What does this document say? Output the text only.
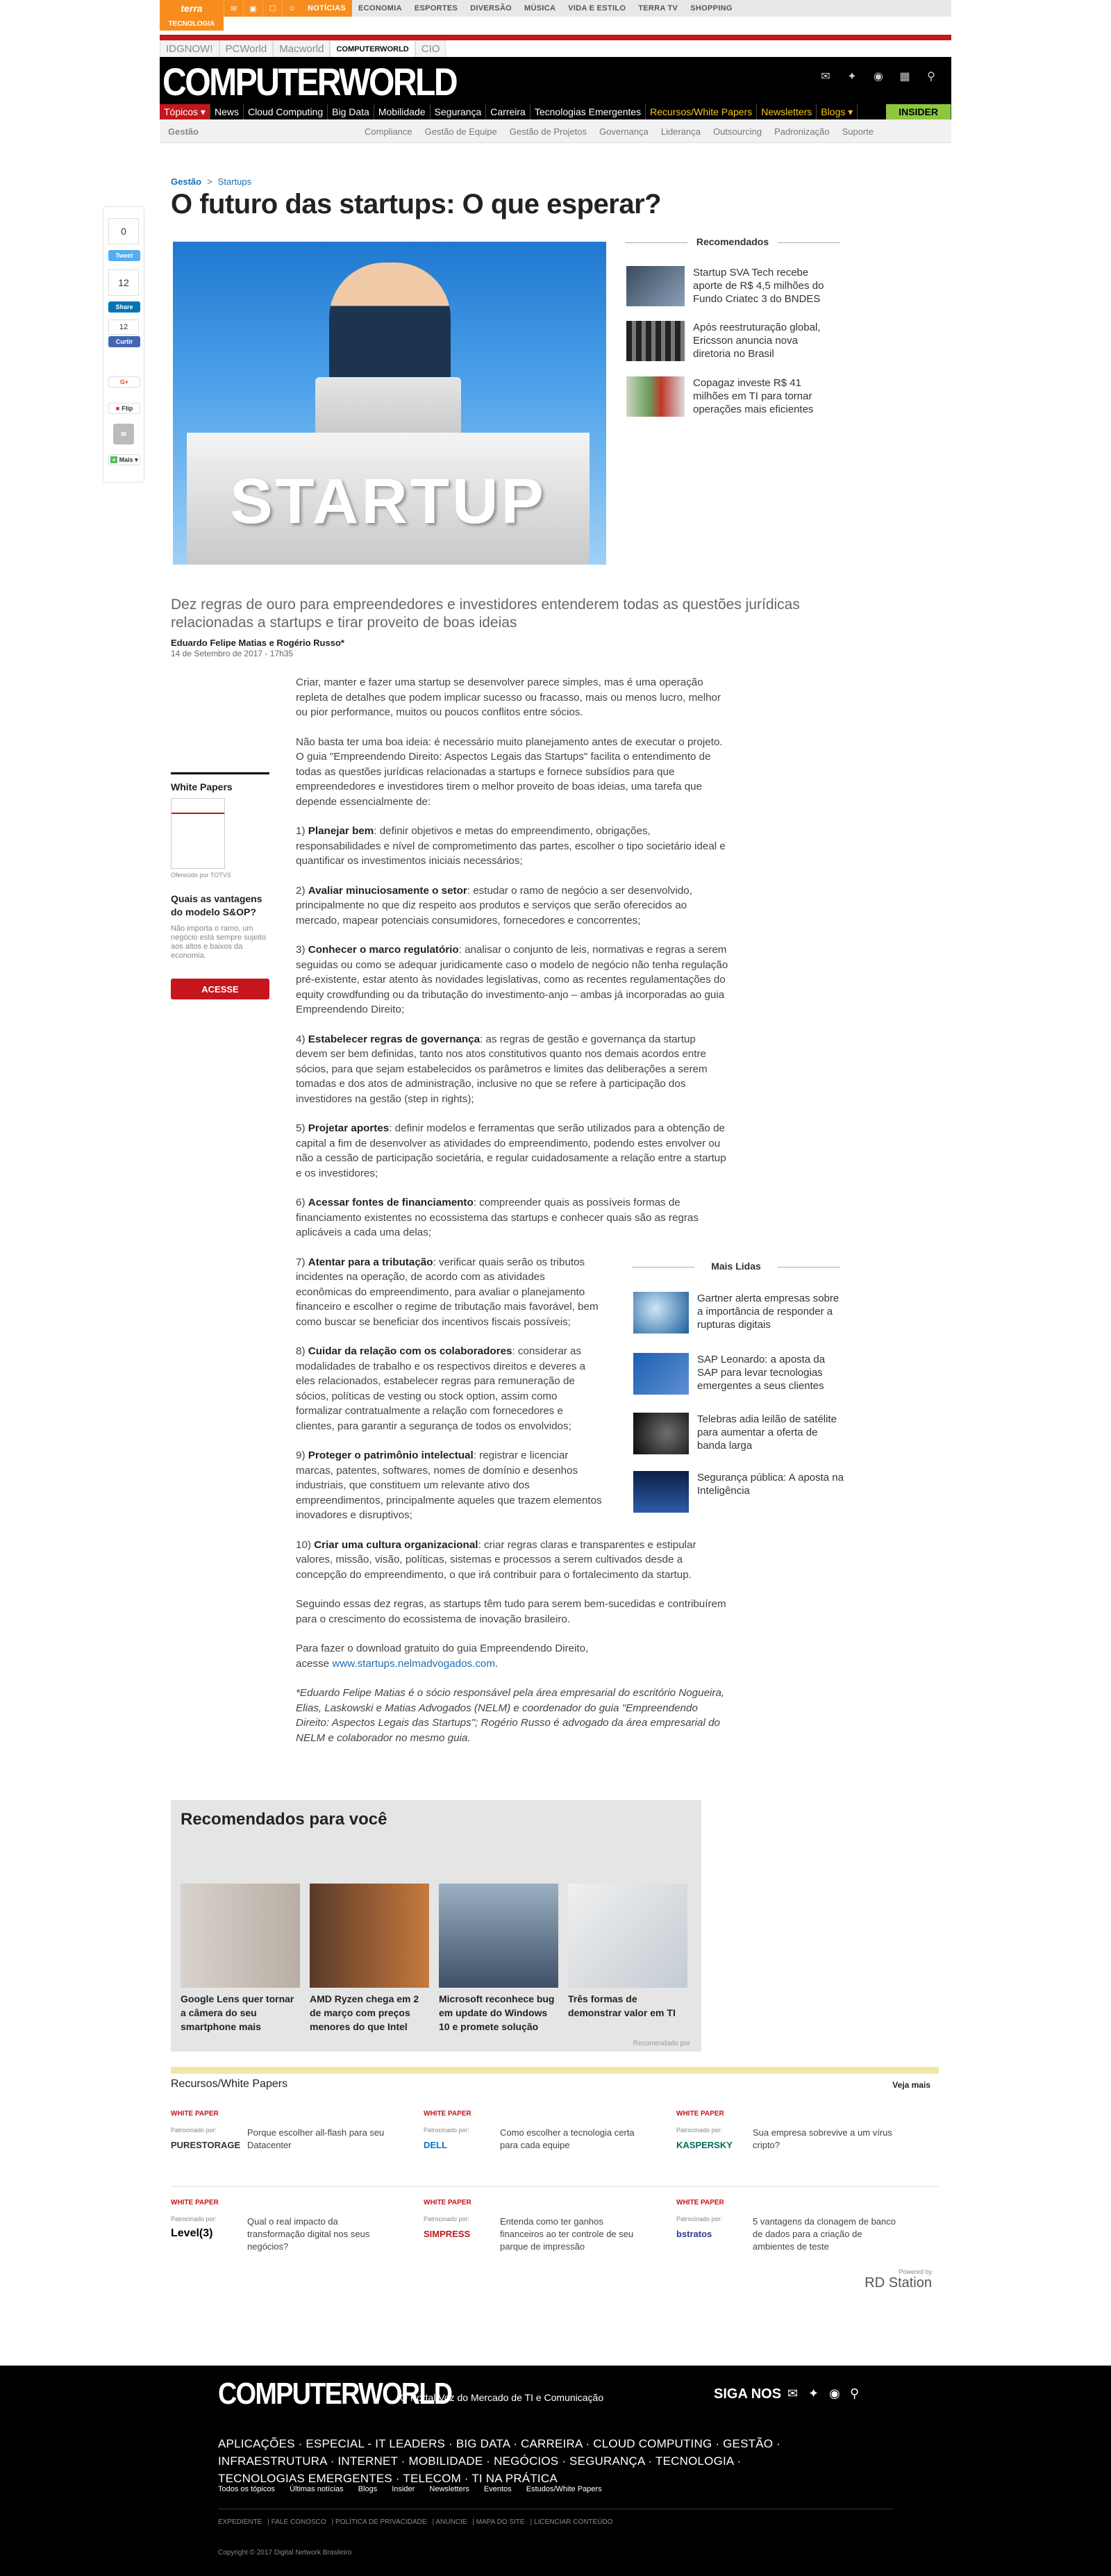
terra	✉	▣	☐	☺	NOTÍCIAS	ECONOMIA	ESPORTES	DIVERSÃO	MÚSICA	VIDA E ESTILO	TERRA TV	SHOPPING
TECNOLOGIA
IDGNOW!	PCWorld	Macworld	COMPUTERWORLD	CIO
COMPUTERWORLD	✉	✦	◉	▦	⚲
Tópicos ▾ News Cloud Computing Big Data Mobilidade Segurança Carreira Tecnologias Emergentes Recursos/White Papers Newsletters Blogs ▾	INSIDER
Gestão	Compliance Gestão de Equipe Gestão de Projetos Governança Liderança Outsourcing Padronização Suporte
Gestão > Startups
O futuro das startups: O que esperar?
0
Tweet
12
Share
12
Curtir
G+
■ Flip
✉
+ Mais ▾
STARTUP
Recomendados
Startup SVA Tech recebe aporte de R$ 4,5 milhões do Fundo Criatec 3 do BNDES
Após reestruturação global, Ericsson anuncia nova diretoria no Brasil
Copagaz investe R$ 41 milhões em TI para tornar operações mais eficientes
Dez regras de ouro para empreendedores e investidores entenderem todas as questões jurídicas relacionadas a startups e tirar proveito de boas ideias
Eduardo Felipe Matias e Rogério Russo*
14 de Setembro de 2017 - 17h35
White Papers
Oferecido por TOTVS
Quais as vantagens do modelo S&OP?
Não importa o ramo, um negócio está sempre sujeito aos altos e baixos da economia.
ACESSE

Criar, manter e fazer uma startup se desenvolver parece simples, mas é uma operação repleta de detalhes que podem implicar sucesso ou fracasso, mais ou menos lucro, melhor ou pior performance, muitos ou poucos conflitos entre sócios.

Não basta ter uma boa ideia: é necessário muito planejamento antes de executar o projeto. O guia "Empreendendo Direito: Aspectos Legais das Startups" facilita o entendimento de todas as questões jurídicas relacionadas a startups e fornece subsídios para que empreendedores e investidores tirem o melhor proveito de boas ideias, uma tarefa que depende essencialmente de:

1) Planejar bem: definir objetivos e metas do empreendimento, obrigações, responsabilidades e nível de comprometimento das partes, escolher o tipo societário ideal e quantificar os investimentos iniciais necessários;

2) Avaliar minuciosamente o setor: estudar o ramo de negócio a ser desenvolvido, principalmente no que diz respeito aos produtos e serviços que serão oferecidos ao mercado, mapear potenciais consumidores, fornecedores e concorrentes;

3) Conhecer o marco regulatório: analisar o conjunto de leis, normativas e regras a serem seguidas ou como se adequar juridicamente caso o modelo de negócio não tenha regulação pré-existente, estar atento às novidades legislativas, como as recentes regulamentações do equity crowdfunding ou da tributação do investimento-anjo – ambas já incorporadas ao guia Empreendendo Direito;

4) Estabelecer regras de governança: as regras de gestão e governança da startup devem ser bem definidas, tanto nos atos constitutivos quanto nos demais acordos entre sócios, para que sejam estabelecidos os parâmetros e limites das deliberações a serem tomadas e dos atos de administração, inclusive no que se refere à participação dos investidores na gestão (step in rights);

5) Projetar aportes: definir modelos e ferramentas que serão utilizados para a obtenção de capital a fim de desenvolver as atividades do empreendimento, podendo estes envolver ou não a cessão de participação societária, e regular cuidadosamente a relação entre a startup e os investidores;

6) Acessar fontes de financiamento: compreender quais as possíveis formas de financiamento existentes no ecossistema das startups e conhecer quais são as regras aplicáveis a cada uma delas;

7) Atentar para a tributação: verificar quais serão os tributos incidentes na operação, de acordo com as atividades econômicas do empreendimento, para avaliar o planejamento financeiro e escolher o regime de tributação mais favorável, bem como buscar se beneficiar dos incentivos fiscais possíveis;

8) Cuidar da relação com os colaboradores: considerar as modalidades de trabalho e os respectivos direitos e deveres a eles relacionados, estabelecer regras para remuneração de sócios, políticas de vesting ou stock option, assim como formalizar contratualmente a relação com fornecedores e clientes, para garantir a segurança de todos os envolvidos;

9) Proteger o patrimônio intelectual: registrar e licenciar marcas, patentes, softwares, nomes de domínio e desenhos industriais, que constituem um relevante ativo dos empreendimentos, principalmente aqueles que trazem elementos inovadores e disruptivos;

10) Criar uma cultura organizacional: criar regras claras e transparentes e estipular valores, missão, visão, políticas, sistemas e processos a serem cultivados desde a concepção do empreendimento, o que irá contribuir para o fortalecimento da startup.

Seguindo essas dez regras, as startups têm tudo para serem bem-sucedidas e contribuírem para o crescimento do ecossistema de inovação brasileiro.

Para fazer o download gratuito do guia Empreendendo Direito,
acesse www.startups.nelmadvogados.com.

*Eduardo Felipe Matias é o sócio responsável pela área empresarial do escritório Nogueira, Elias, Laskowski e Matias Advogados (NELM) e coordenador do guia "Empreendendo Direito: Aspectos Legais das Startups"; Rogério Russo é advogado da área empresarial do NELM e colaborador no mesmo guia.

Mais Lidas
Gartner alerta empresas sobre a importância de responder a rupturas digitais
SAP Leonardo: a aposta da SAP para levar tecnologias emergentes a seus clientes
Telebras adia leilão de satélite para aumentar a oferta de banda larga
Segurança pública: A aposta na Inteligência
Recomendados para você
Google Lens quer tornar a câmera do seu smartphone mais
AMD Ryzen chega em 2 de março com preços menores do que Intel
Microsoft reconhece bug em update do Windows 10 e promete solução
Três formas de demonstrar valor em TI
Recomendado por
Recursos/White Papers	Veja mais
WHITE PAPER
Patrocinado por:
PURESTORAGE
Porque escolher all-flash para seu Datacenter
WHITE PAPER
Patrocinado por:
DELL
Como escolher a tecnologia certa para cada equipe
WHITE PAPER
Patrocinado por:
KASPERSKY
Sua empresa sobrevive a um vírus cripto?
WHITE PAPER
Patrocinado por:
Level(3)
Qual o real impacto da transformação digital nos seus negócios?
WHITE PAPER
Patrocinado por:
SIMPRESS
Entenda como ter ganhos financeiros ao ter controle de seu parque de impressão
WHITE PAPER
Patrocinado por:
bstratos
5 vantagens da clonagem de banco de dados para a criação de ambientes de teste
Powered by
RD Station
COMPUTERWORLD
O Portal Voz do Mercado de TI e Comunicação	SIGA NOS ✉ ✦ ◉ ⚲
APLICAÇÕES · ESPECIAL - IT LEADERS · BIG DATA · CARREIRA · CLOUD COMPUTING · GESTÃO · INFRAESTRUTURA · INTERNET · MOBILIDADE · NEGÓCIOS · SEGURANÇA · TECNOLOGIA · TECNOLOGIAS EMERGENTES · TELECOM · TI NA PRÁTICA
Todos os tópicos Últimas notícias Blogs Insider Newsletters Eventos Estudos/White Papers
EXPEDIENTE | FALE CONOSCO | POLÍTICA DE PRIVACIDADE | ANUNCIE | MAPA DO SITE | LICENCIAR CONTEÚDO
Copyright © 2017 Digital Network Brasileiro
